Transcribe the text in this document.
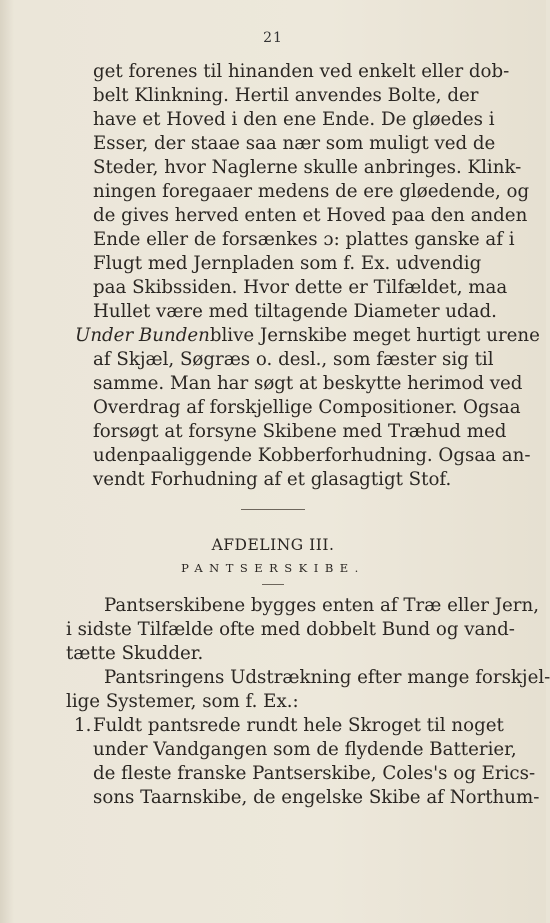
21
get forenes til hinanden ved enkelt eller dob-
belt Klinkning. Hertil anvendes Bolte, der
have et Hoved i den ene Ende. De gløedes i
Esser, der staae saa nær som muligt ved de
Steder, hvor Naglerne skulle anbringes. Klink-
ningen foregaaer medens de ere gløedende, og
de gives herved enten et Hoved paa den anden
Ende eller de forsænkes ɔ: plattes ganske af i
Flugt med Jernpladen som f. Ex. udvendig
paa Skibssiden. Hvor dette er Tilfældet, maa
Hullet være med tiltagende Diameter udad.
Under Bunden blive Jernskibe meget hurtigt urene
af Skjæl, Søgræs o. desl., som fæster sig til
samme. Man har søgt at beskytte herimod ved
Overdrag af forskjellige Compositioner. Ogsaa
forsøgt at forsyne Skibene med Træhud med
udenpaaliggende Kobberforhudning. Ogsaa an-
vendt Forhudning af et glasagtigt Stof.
AFDELING III.
PANTSERSKIBE.
Pantserskibene bygges enten af Træ eller Jern,
i sidste Tilfælde ofte med dobbelt Bund og vand-
tætte Skudder.
Pantsringens Udstrækning efter mange forskjel-
lige Systemer, som f. Ex.:
1. Fuldt pantsrede rundt hele Skroget til noget
under Vandgangen som de flydende Batterier,
de fleste franske Pantserskibe, Coles's og Erics-
sons Taarnskibe, de engelske Skibe af Northum-
